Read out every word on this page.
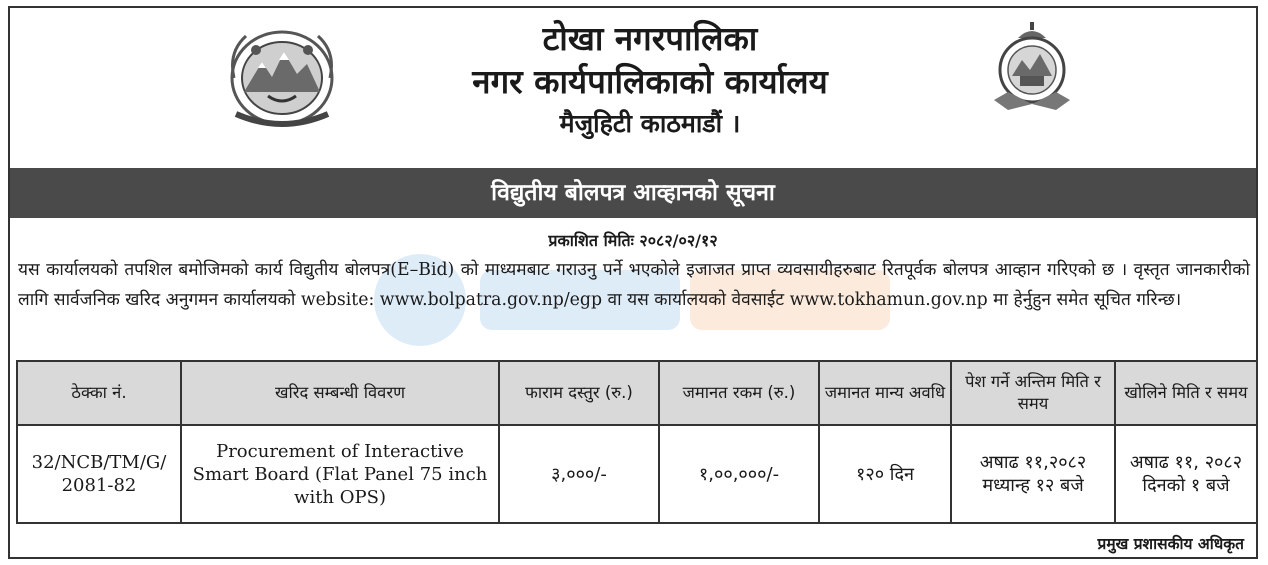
टोखा नगरपालिका
नगर कार्यपालिकाको कार्यालय
मैजुहिटी काठमाडौं ।
विद्युतीय बोलपत्र आव्हानको सूचना
प्रकाशित मितिः २०८२/०२/१२
यस कार्यालयको तपशिल बमोजिमको कार्य विद्युतीय बोलपत्र(E–Bid) को माध्यमबाट गराउनु पर्ने भएकोले इजाजत प्राप्त व्यवसायीहरुबाट रितपूर्वक बोलपत्र आव्हान गरिएको छ । वृस्तृत जानकारीको लागि सार्वजनिक खरिद अनुगमन कार्यालयको website: www.bolpatra.gov.np/egp वा यस कार्यालयको वेवसाईट www.tokhamun.gov.np मा हेर्नुहुन समेत सूचित गरिन्छ।
ठेक्का नं.	खरिद सम्बन्धी विवरण	फाराम दस्तुर (रु.)	जमानत रकम (रु.)	जमानत मान्य अवधि	पेश गर्ने अन्तिम मिति र समय	खोलिने मिति र समय
32/NCB/TM/G/ 2081-82	Procurement of Interactive Smart Board (Flat Panel 75 inch with OPS)	३,०००/-	१,००,०००/-	१२० दिन	अषाढ ११,२०८२ मध्यान्ह १२ बजे	अषाढ ११, २०८२ दिनको १ बजे
प्रमुख प्रशासकीय अधिकृत
